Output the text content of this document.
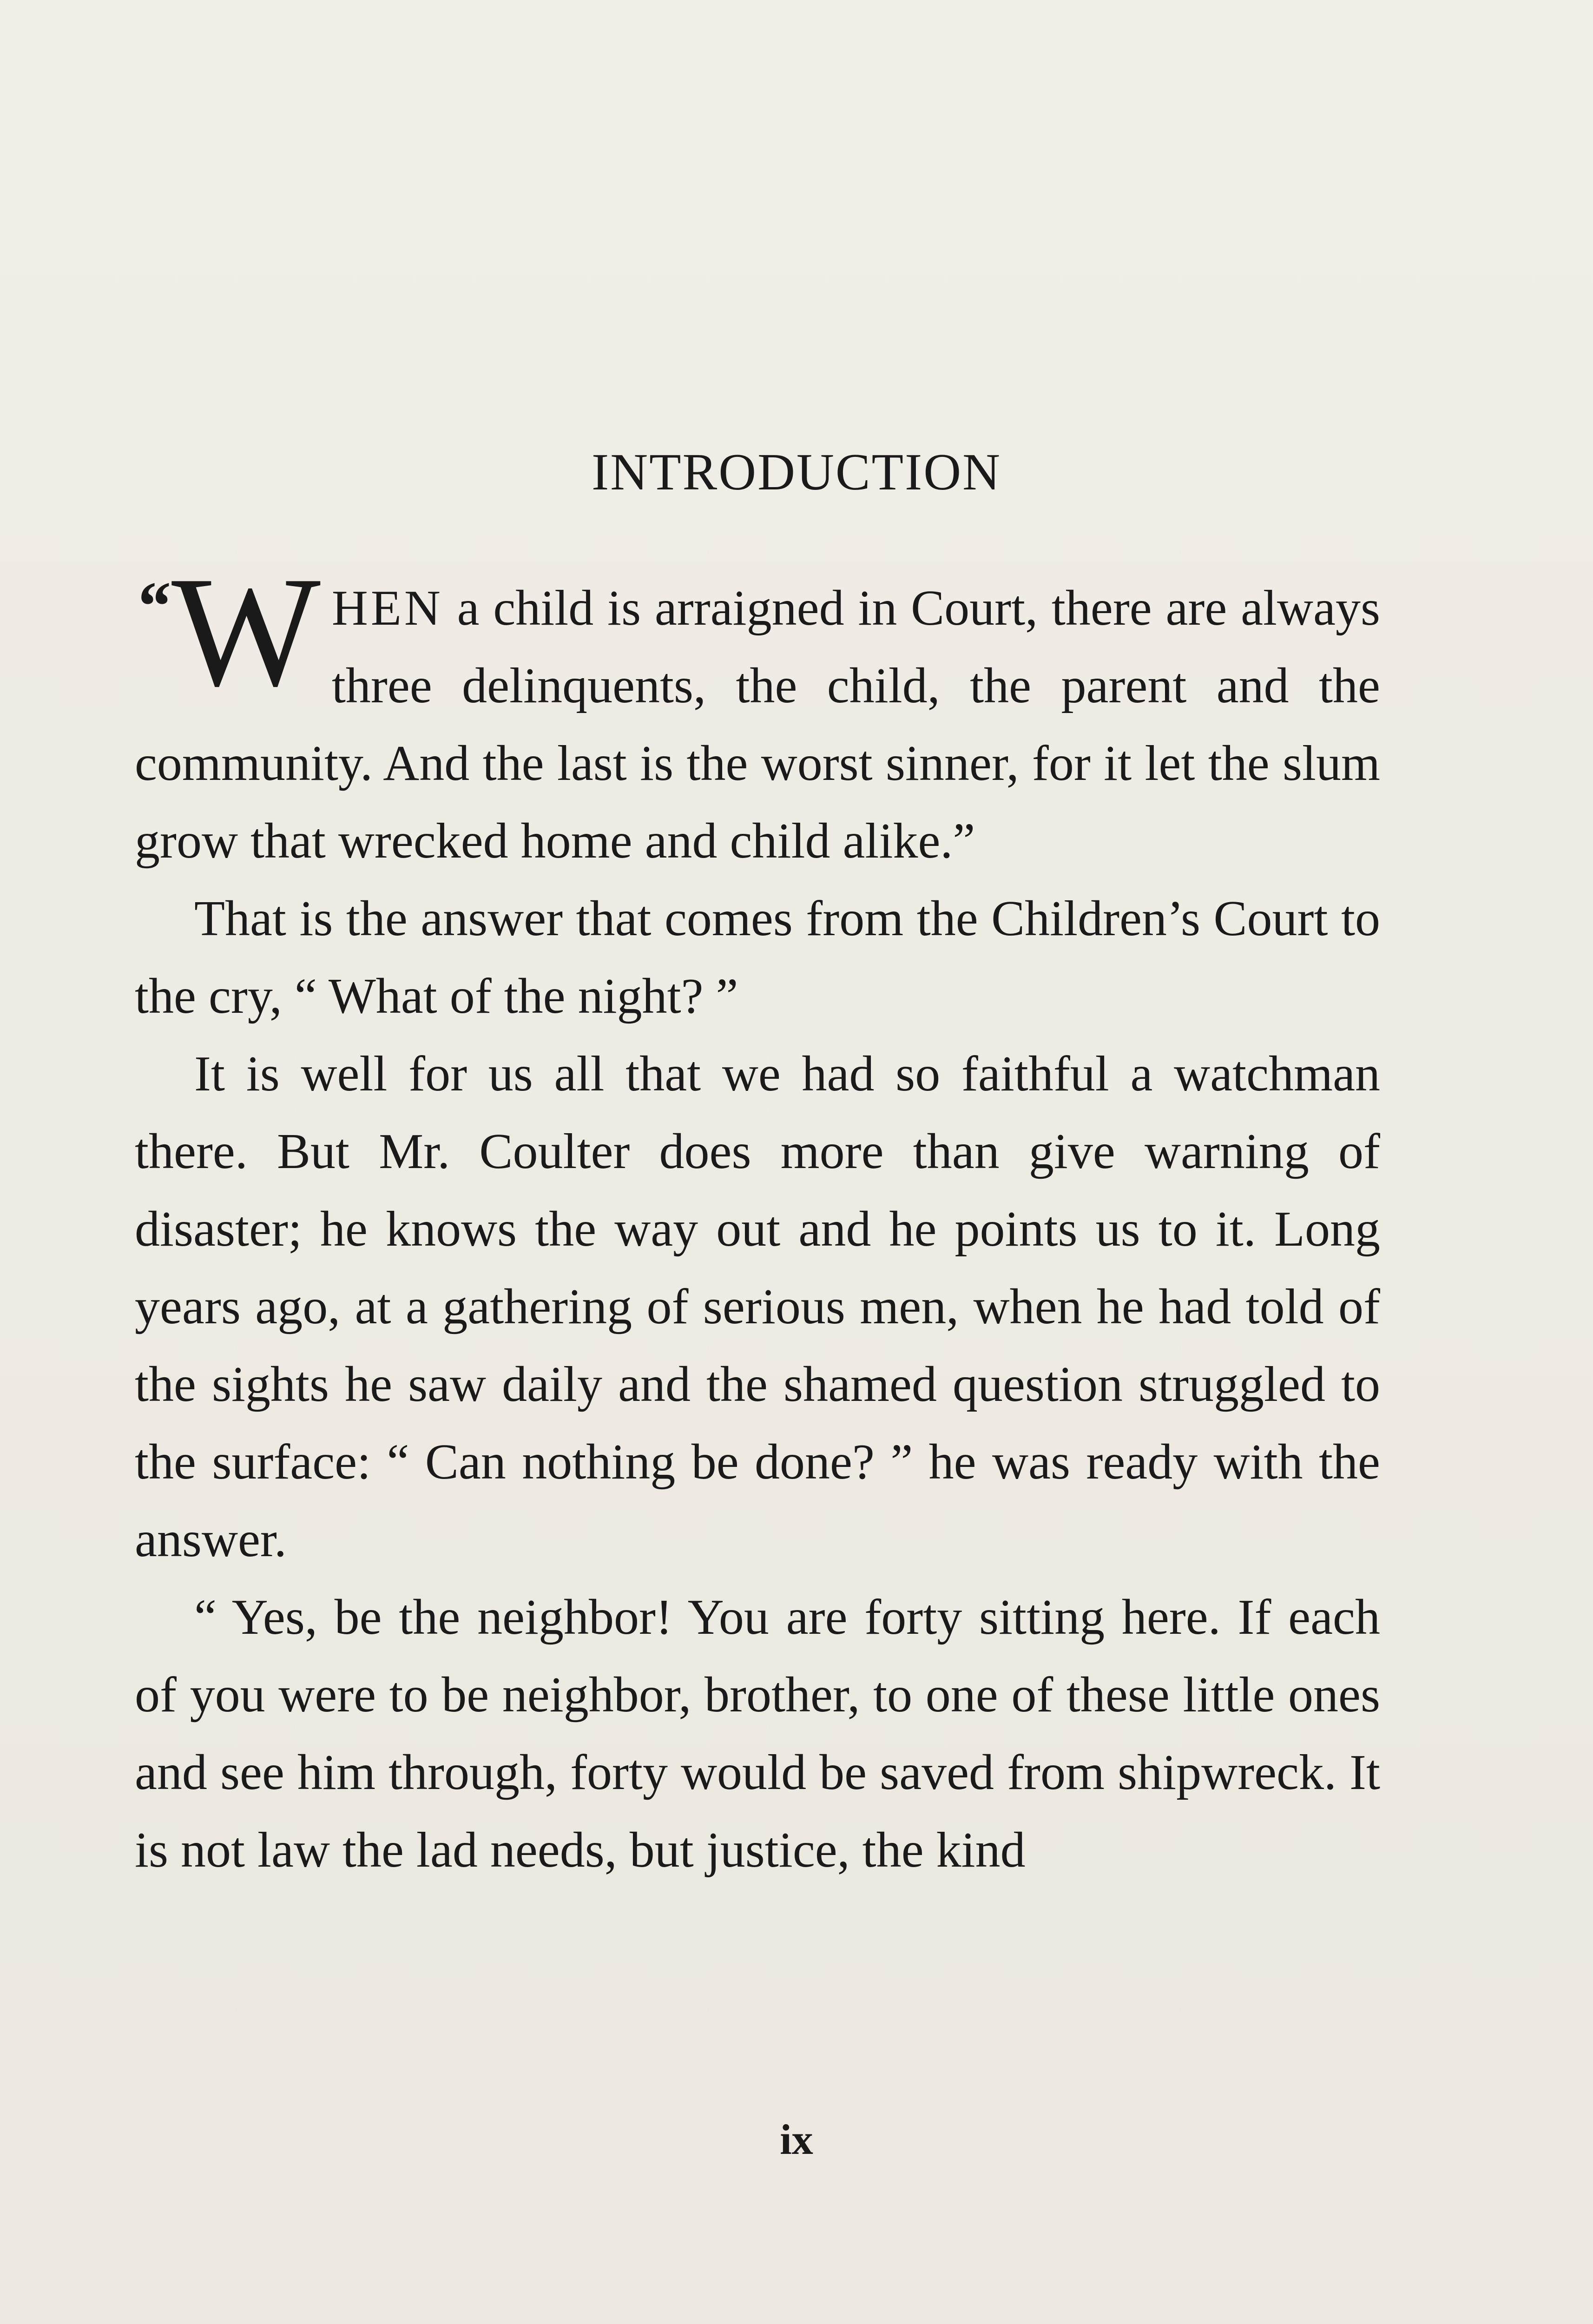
INTRODUCTION

“ W HEN a child is arraigned in Court, there are always three delinquents, the child, the parent and the community. And the last is the worst sinner, for it let the slum grow that wrecked home and child alike.”

That is the answer that comes from the Children’s Court to the cry, “ What of the night? ”

It is well for us all that we had so faithful a watchman there. But Mr. Coulter does more than give warning of disaster; he knows the way out and he points us to it. Long years ago, at a gathering of serious men, when he had told of the sights he saw daily and the shamed question struggled to the surface: “ Can nothing be done? ” he was ready with the answer.

“ Yes, be the neighbor! You are forty sitting here. If each of you were to be neighbor, brother, to one of these little ones and see him through, forty would be saved from shipwreck. It is not law the lad needs, but justice, the kind

ix
